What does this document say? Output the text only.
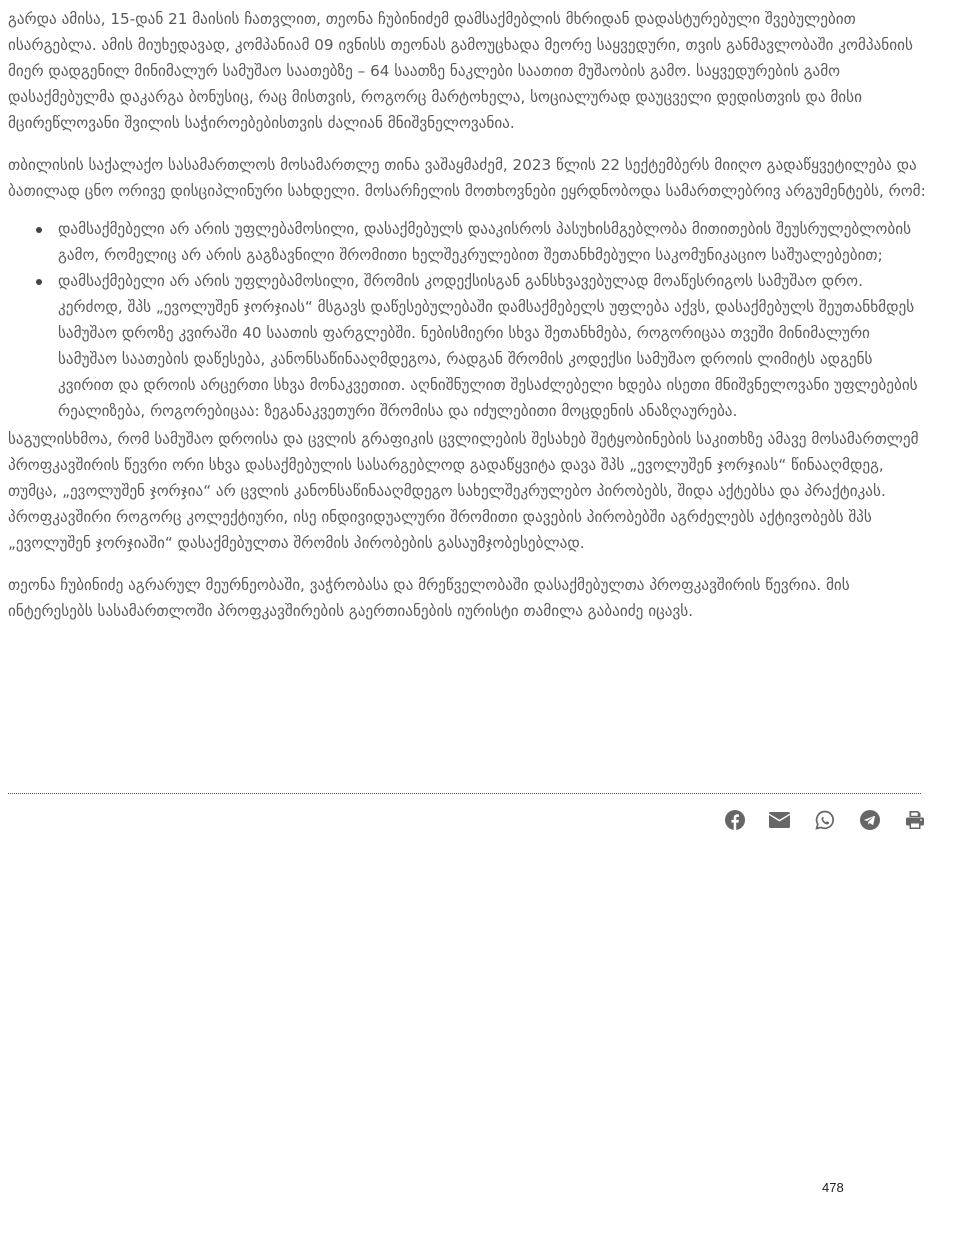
გარდა ამისა, 15-დან 21 მაისის ჩათვლით, თეონა ჩუბინიძემ დამსაქმებლის მხრიდან დადასტურებული შვებულებით ისარგებლა. ამის მიუხედავად, კომპანიამ 09 ივნისს თეონას გამოუცხადა მეორე საყვედური, თვის განმავლობაში კომპანიის მიერ დადგენილ მინიმალურ სამუშაო საათებზე – 64 საათზე ნაკლები საათით მუშაობის გამო. საყვედურების გამო დასაქმებულმა დაკარგა ბონუსიც, რაც მისთვის, როგორც მარტოხელა, სოციალურად დაუცველი დედისთვის და მისი მცირეწლოვანი შვილის საჭიროებებისთვის ძალიან მნიშვნელოვანია.

თბილისის საქალაქო სასამართლოს მოსამართლე თინა ვაშაყმაძემ, 2023 წლის 22 სექტემბერს მიიღო გადაწყვეტილება და ბათილად ცნო ორივე დისციპლინური სახდელი. მოსარჩელის მოთხოვნები ეყრდნობოდა სამართლებრივ არგუმენტებს, რომ:

დამსაქმებელი არ არის უფლებამოსილი, დასაქმებულს დააკისროს პასუხისმგებლობა მითითების შეუსრულებლობის გამო, რომელიც არ არის გაგზავნილი შრომითი ხელშეკრულებით შეთანხმებული საკომუნიკაციო საშუალებებით;
დამსაქმებელი არ არის უფლებამოსილი, შრომის კოდექსისგან განსხვავებულად მოაწესრიგოს სამუშაო დრო. კერძოდ, შპს „ევოლუშენ ჯორჯიას“ მსგავს დაწესებულებაში დამსაქმებელს უფლება აქვს, დასაქმებულს შეუთანხმდეს სამუშაო დროზე კვირაში 40 საათის ფარგლებში. ნებისმიერი სხვა შეთანხმება, როგორიცაა თვეში მინიმალური სამუშაო საათების დაწესება, კანონსაწინააღმდეგოა, რადგან შრომის კოდექსი სამუშაო დროის ლიმიტს ადგენს კვირით და დროის არცერთი სხვა მონაკვეთით. აღნიშნულით შესაძლებელი ხდება ისეთი მნიშვნელოვანი უფლებების რეალიზება, როგორებიცაა: ზეგანაკვეთური შრომისა და იძულებითი მოცდენის ანაზღაურება.

საგულისხმოა, რომ სამუშაო დროისა და ცვლის გრაფიკის ცვლილების შესახებ შეტყობინების საკითხზე ამავე მოსამართლემ პროფკავშირის წევრი ორი სხვა დასაქმებულის სასარგებლოდ გადაწყვიტა დავა შპს „ევოლუშენ ჯორჯიას“ წინააღმდეგ, თუმცა, „ევოლუშენ ჯორჯია“ არ ცვლის კანონსაწინააღმდეგო სახელშეკრულებო პირობებს, შიდა აქტებსა და პრაქტიკას. პროფკავშირი როგორც კოლექტიური, ისე ინდივიდუალური შრომითი დავების პირობებში აგრძელებს აქტივობებს შპს „ევოლუშენ ჯორჯიაში“ დასაქმებულთა შრომის პირობების გასაუმჯობესებლად.

თეონა ჩუბინიძე აგრარულ მეურნეობაში, ვაჭრობასა და მრეწველობაში დასაქმებულთა პროფკავშირის წევრია. მის ინტერესებს სასამართლოში პროფკავშირების გაერთიანების იურისტი თამილა გაბაიძე იცავს.

478
